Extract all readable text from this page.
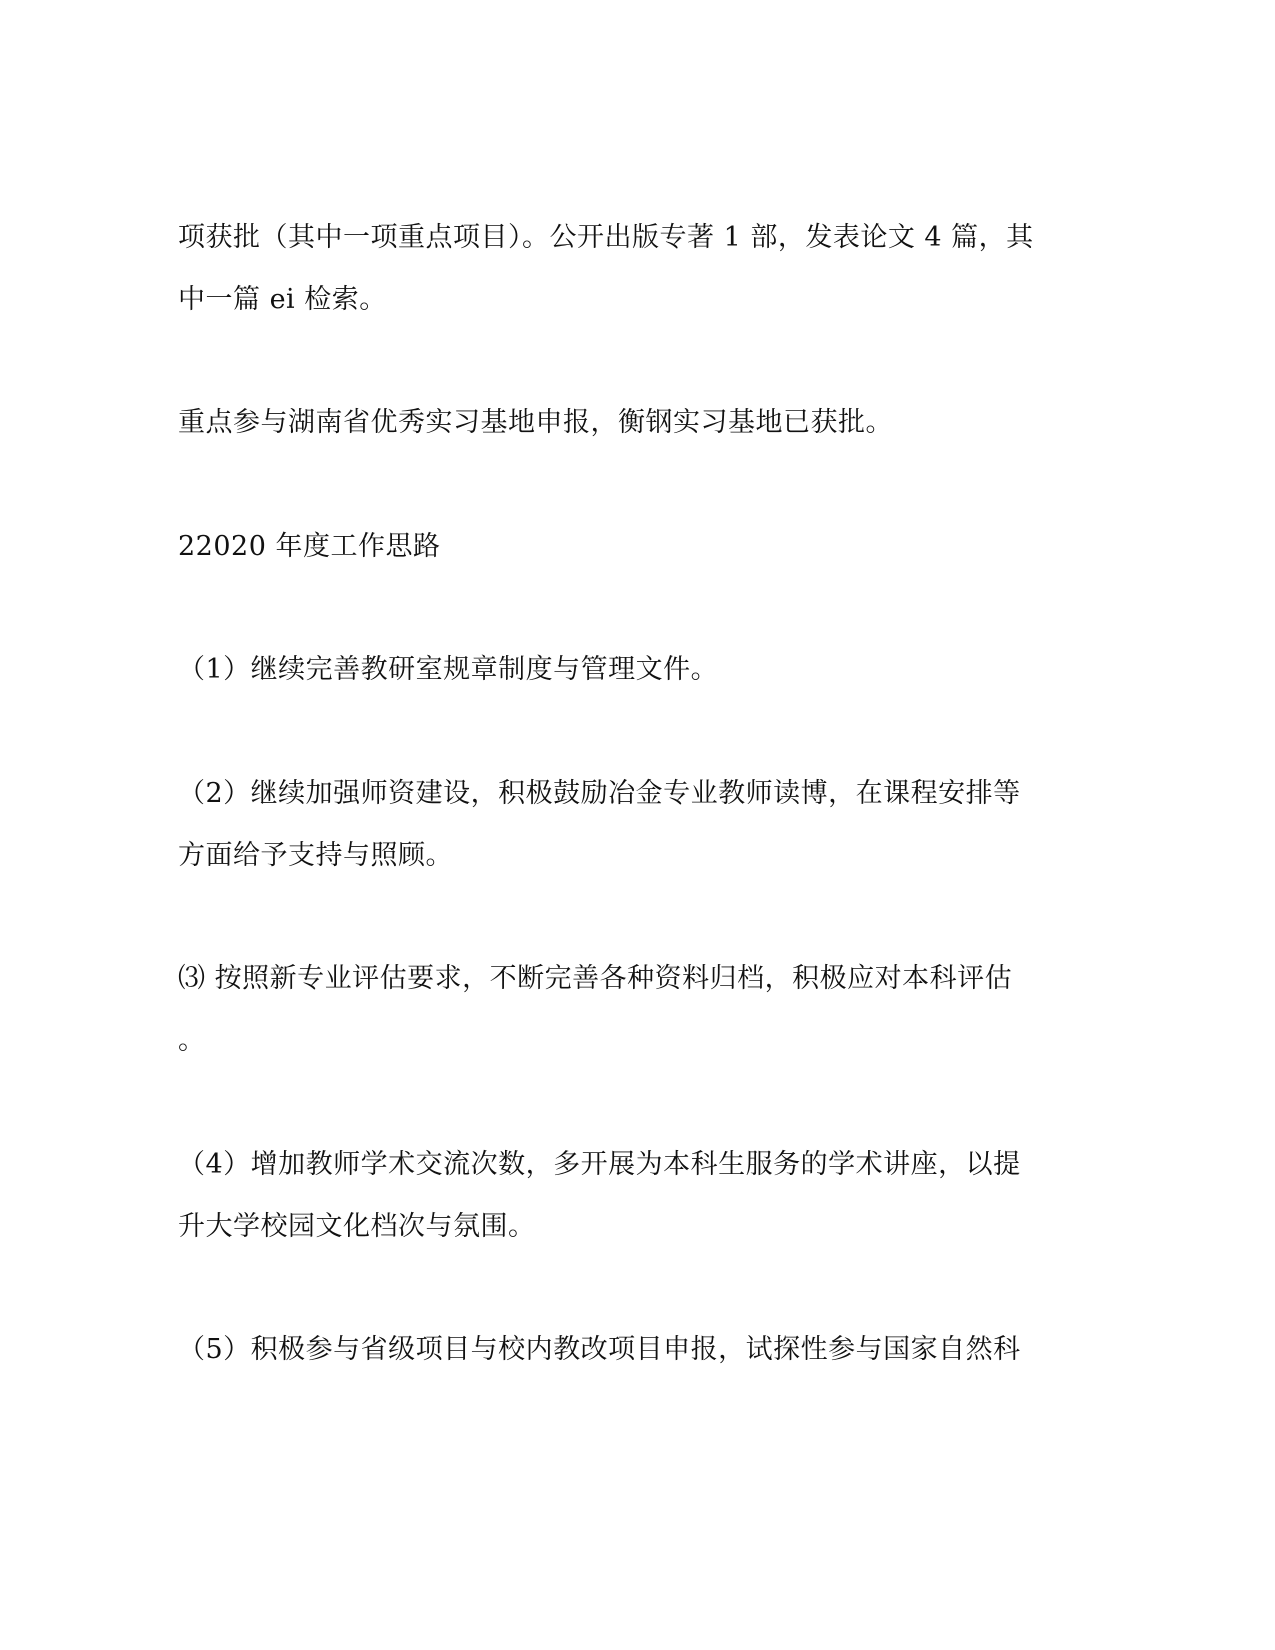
项获批（其中一项重点项目）。公开出版专著 1 部，发表论文 4 篇，其

中一篇 ei 检索。

重点参与湖南省优秀实习基地申报，衡钢实习基地已获批。

22020 年度工作思路

（1）继续完善教研室规章制度与管理文件。

（2）继续加强师资建设，积极鼓励冶金专业教师读博，在课程安排等

方面给予支持与照顾。

⑶ 按照新专业评估要求，不断完善各种资料归档，积极应对本科评估

。

（4）增加教师学术交流次数，多开展为本科生服务的学术讲座，以提

升大学校园文化档次与氛围。

（5）积极参与省级项目与校内教改项目申报，试探性参与国家自然科
